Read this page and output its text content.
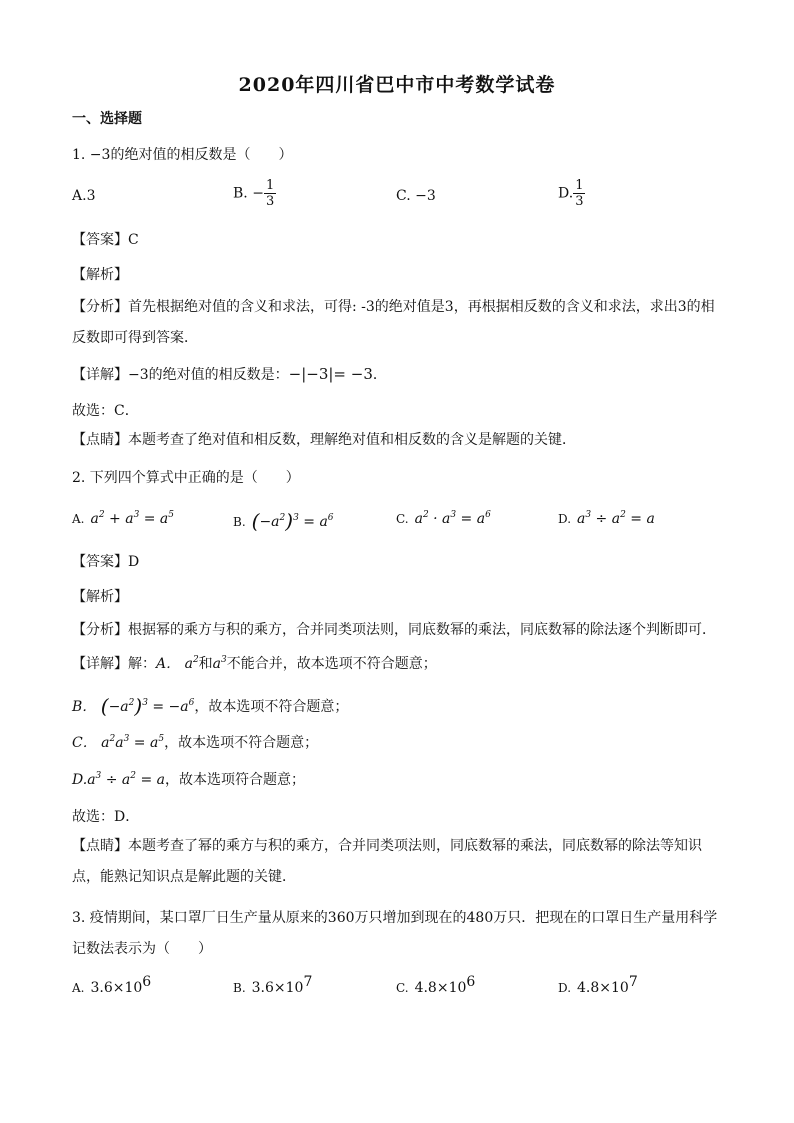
2020年四川省巴中市中考数学试卷
一、选择题
1. −3的绝对值的相反数是（　　）
A.3	B. − $\frac{1}{3}$	C. −3	D. $\frac{1}{3}$
【答案】C
【解析】
【分析】首先根据绝对值的含义和求法，可得: -3的绝对值是3，再根据相反数的含义和求法，求出3的相反数即可得到答案．
【详解】−3的绝对值的相反数是：−|−3|= −3．
故选：C．
【点睛】本题考查了绝对值和相反数，理解绝对值和相反数的含义是解题的关键．
2. 下列四个算式中正确的是（　　）
A. $a^2 + a^3 = a^5$	B. $(-a^2)^3 = a^6$	C. $a^2 \cdot a^3 = a^6$	D. $a^3 \div a^2 = a$
【答案】D
【解析】
【分析】根据幂的乘方与积的乘方，合并同类项法则，同底数幂的乘法，同底数幂的除法逐个判断即可．
【详解】解：A． $a^2$和$a^3$不能合并，故本选项不符合题意；
B． $(-a^2)^3 = -a^6$，故本选项不符合题意；
C． $a^2a^3 = a^5$，故本选项不符合题意；
$D.a^3 \div a^2 = a$，故本选项符合题意；
故选：D．
【点睛】本题考查了幂的乘方与积的乘方，合并同类项法则，同底数幂的乘法，同底数幂的除法等知识点，能熟记知识点是解此题的关键．
3. 疫情期间，某口罩厂日生产量从原来的360万只增加到现在的480万只．把现在的口罩日生产量用科学记数法表示为（　　）
A. $3.6\times 10^6$	B. $3.6\times 10^7$	C. $4.8\times 10^6$	D. $4.8\times 10^7$
